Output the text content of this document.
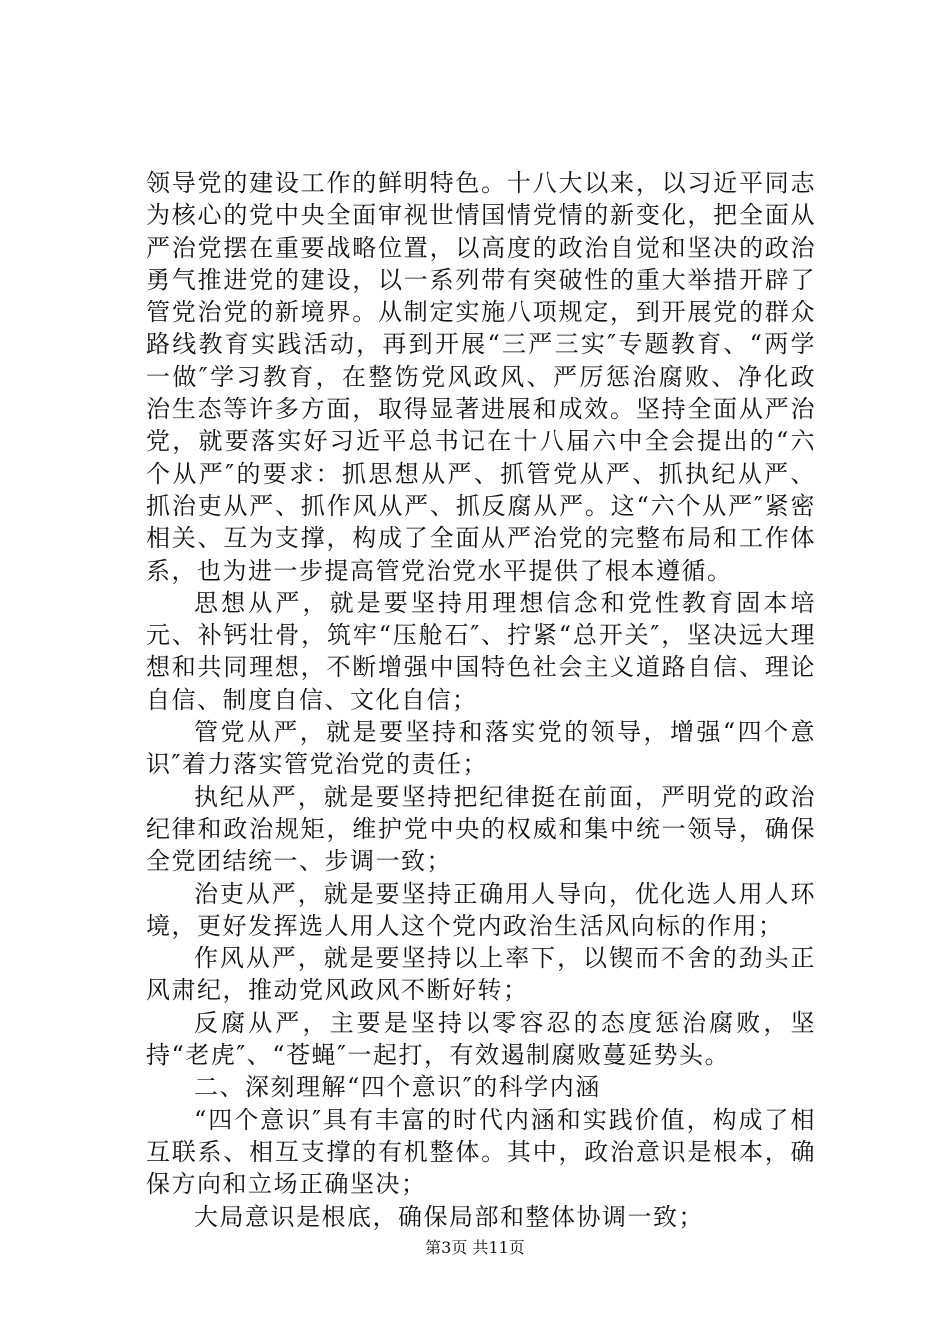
领导党的建设工作的鲜明特色。十八大以来，以习近平同志为核心的党中央全面审视世情国情党情的新变化，把全面从严治党摆在重要战略位置，以高度的政治自觉和坚决的政治勇气推进党的建设，以一系列带有突破性的重大举措开辟了管党治党的新境界。从制定实施八项规定，到开展党的群众路线教育实践活动，再到开展“三严三实″专题教育、“两学一做″学习教育，在整饬党风政风、严厉惩治腐败、净化政治生态等许多方面，取得显著进展和成效。坚持全面从严治党，就要落实好习近平总书记在十八届六中全会提出的“六个从严″的要求：抓思想从严、抓管党从严、抓执纪从严、抓治吏从严、抓作风从严、抓反腐从严。这“六个从严″紧密相关、互为支撑，构成了全面从严治党的完整布局和工作体系，也为进一步提高管党治党水平提供了根本遵循。

思想从严，就是要坚持用理想信念和党性教育固本培元、补钙壮骨，筑牢“压舱石″、拧紧“总开关″，坚决远大理想和共同理想，不断增强中国特色社会主义道路自信、理论自信、制度自信、文化自信；

管党从严，就是要坚持和落实党的领导，增强“四个意识″着力落实管党治党的责任；

执纪从严，就是要坚持把纪律挺在前面，严明党的政治纪律和政治规矩，维护党中央的权威和集中统一领导，确保全党团结统一、步调一致；

治吏从严，就是要坚持正确用人导向，优化选人用人环境，更好发挥选人用人这个党内政治生活风向标的作用；

作风从严，就是要坚持以上率下，以锲而不舍的劲头正风肃纪，推动党风政风不断好转；

反腐从严，主要是坚持以零容忍的态度惩治腐败，坚持“老虎″、“苍蝇″一起打，有效遏制腐败蔓延势头。

二、深刻理解“四个意识″的科学内涵

“四个意识″具有丰富的时代内涵和实践价值，构成了相互联系、相互支撑的有机整体。其中，政治意识是根本，确保方向和立场正确坚决；

大局意识是根底，确保局部和整体协调一致；

第3页 共11页
